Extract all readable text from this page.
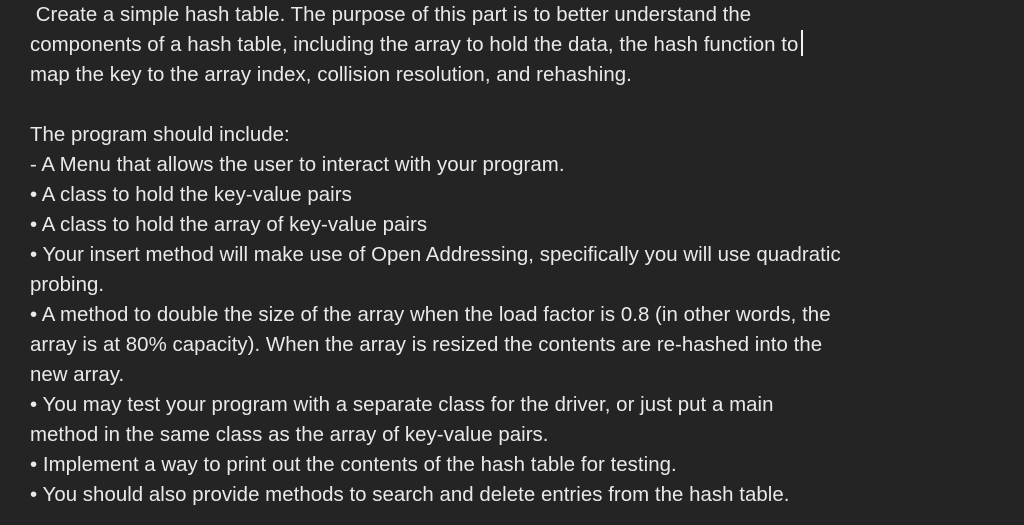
Create a simple hash table. The purpose of this part is to better understand the
components of a hash table, including the array to hold the data, the hash function to
map the key to the array index, collision resolution, and rehashing.
The program should include:
- A Menu that allows the user to interact with your program.
• A class to hold the key-value pairs
• A class to hold the array of key-value pairs
• Your insert method will make use of Open Addressing, specifically you will use quadratic
probing.
• A method to double the size of the array when the load factor is 0.8 (in other words, the
array is at 80% capacity). When the array is resized the contents are re-hashed into the
new array.
• You may test your program with a separate class for the driver, or just put a main
method in the same class as the array of key-value pairs.
• Implement a way to print out the contents of the hash table for testing.
• You should also provide methods to search and delete entries from the hash table.
